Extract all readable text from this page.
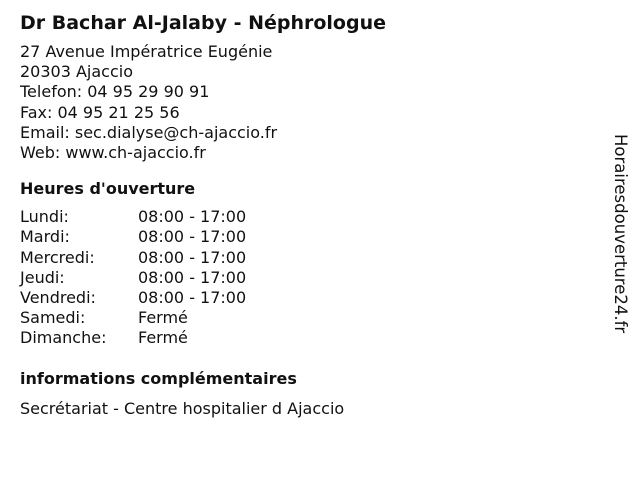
Dr Bachar Al-Jalaby - Néphrologue
27 Avenue Impératrice Eugénie
20303 Ajaccio
Telefon: 04 95 29 90 91
Fax: 04 95 21 25 56
Email: sec.dialyse@ch-ajaccio.fr
Web: www.ch-ajaccio.fr
Heures d'ouverture
Lundi:	08:00 - 17:00
Mardi:	08:00 - 17:00
Mercredi:	08:00 - 17:00
Jeudi:	08:00 - 17:00
Vendredi:	08:00 - 17:00
Samedi:	Fermé
Dimanche:	Fermé
informations complémentaires
Secrétariat - Centre hospitalier d Ajaccio
Horairesdouverture24.fr
